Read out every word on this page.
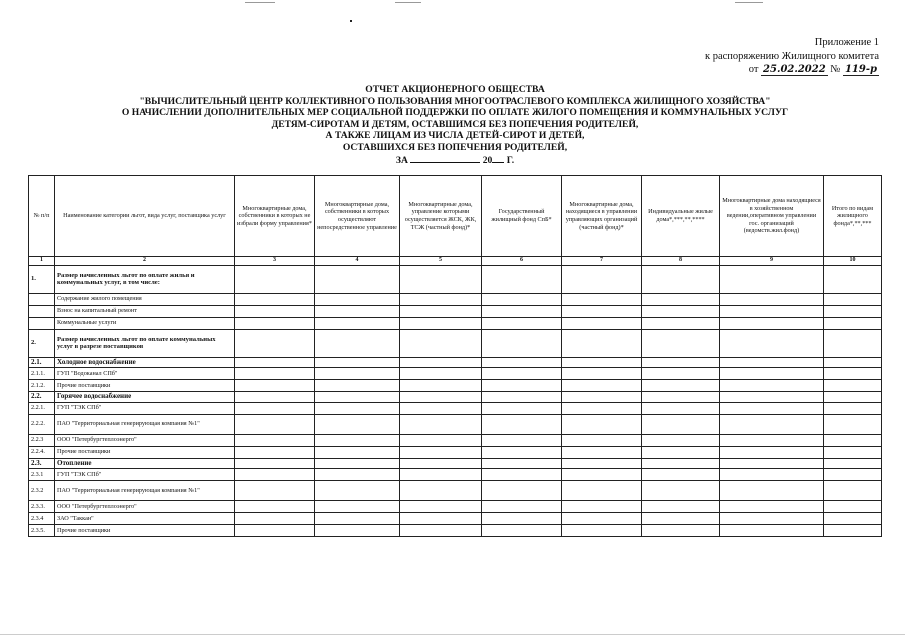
Приложение 1
к распоряжению Жилищного комитета
от 25.02.2022 № 119-р
ОТЧЕТ АКЦИОНЕРНОГО ОБЩЕСТВА
"ВЫЧИСЛИТЕЛЬНЫЙ ЦЕНТР КОЛЛЕКТИВНОГО ПОЛЬЗОВАНИЯ МНОГООТРАСЛЕВОГО КОМПЛЕКСА ЖИЛИЩНОГО ХОЗЯЙСТВА"
О НАЧИСЛЕНИИ ДОПОЛНИТЕЛЬНЫХ МЕР СОЦИАЛЬНОЙ ПОДДЕРЖКИ ПО ОПЛАТЕ ЖИЛОГО ПОМЕЩЕНИЯ И КОММУНАЛЬНЫХ УСЛУГ
ДЕТЯМ-СИРОТАМ И ДЕТЯМ, ОСТАВШИМСЯ БЕЗ ПОПЕЧЕНИЯ РОДИТЕЛЕЙ,
А ТАКЖЕ ЛИЦАМ ИЗ ЧИСЛА ДЕТЕЙ-СИРОТ И ДЕТЕЙ,
ОСТАВШИХСЯ БЕЗ ПОПЕЧЕНИЯ РОДИТЕЛЕЙ,
ЗА	20 Г.
№ п/п	Наименование категории льгот, вида услуг, поставщика услуг	Многоквартирные дома, собственники в которых не избрали форму управления*	Многоквартирные дома, собственники в которых осуществляют непосредственное управление	Многоквартирные дома, управление которыми осуществляется ЖСК, ЖК, ТСЖ (частный фонд)*	Государственный жилищный фонд СпБ*	Многоквартирные дома, находящиеся в управлении управляющих организаций (частный фонд)*	Индивидуальные жилые дома*,***,**,****	Многоквартирные дома находящиеся в хозяйственном ведении,оперативном управлении гос. организаций (ведомств.жил.фонд)	Итого по видам жилищного фонда*,**,***
1	2	3	4	5	6	7	8	9	10
1.	Размер начисленных льгот по оплате жилья и коммунальных услуг, в том числе:								
	Содержание жилого помещения								
	Взнос на капитальный ремонт								
	Коммунальные услуги								
2.	Размер начисленных льгот по оплате коммунальных услуг в разрезе поставщиков								
2.1.	Холодное водоснабжение								
2.1.1.	ГУП "Водоканал СПб"								
2.1.2.	Прочие поставщики								
2.2.	Горячее водоснабжение								
2.2.1.	ГУП "ТЭК СПб"								
2.2.2.	ПАО "Территориальная генерирующая компания №1"								
2.2.3	ООО "Петербургтеплоэнерго"								
2.2.4.	Прочие поставщики								
2.3.	Отопление								
2.3.1	ГУП "ТЭК СПб"								
2.3.2	ПАО "Территориальная генерирующая компания №1"								
2.3.3.	ООО "Петербургтеплоэнерго"								
2.3.4	ЗАО "Таккан"								
2.3.5.	Прочие поставщики								
